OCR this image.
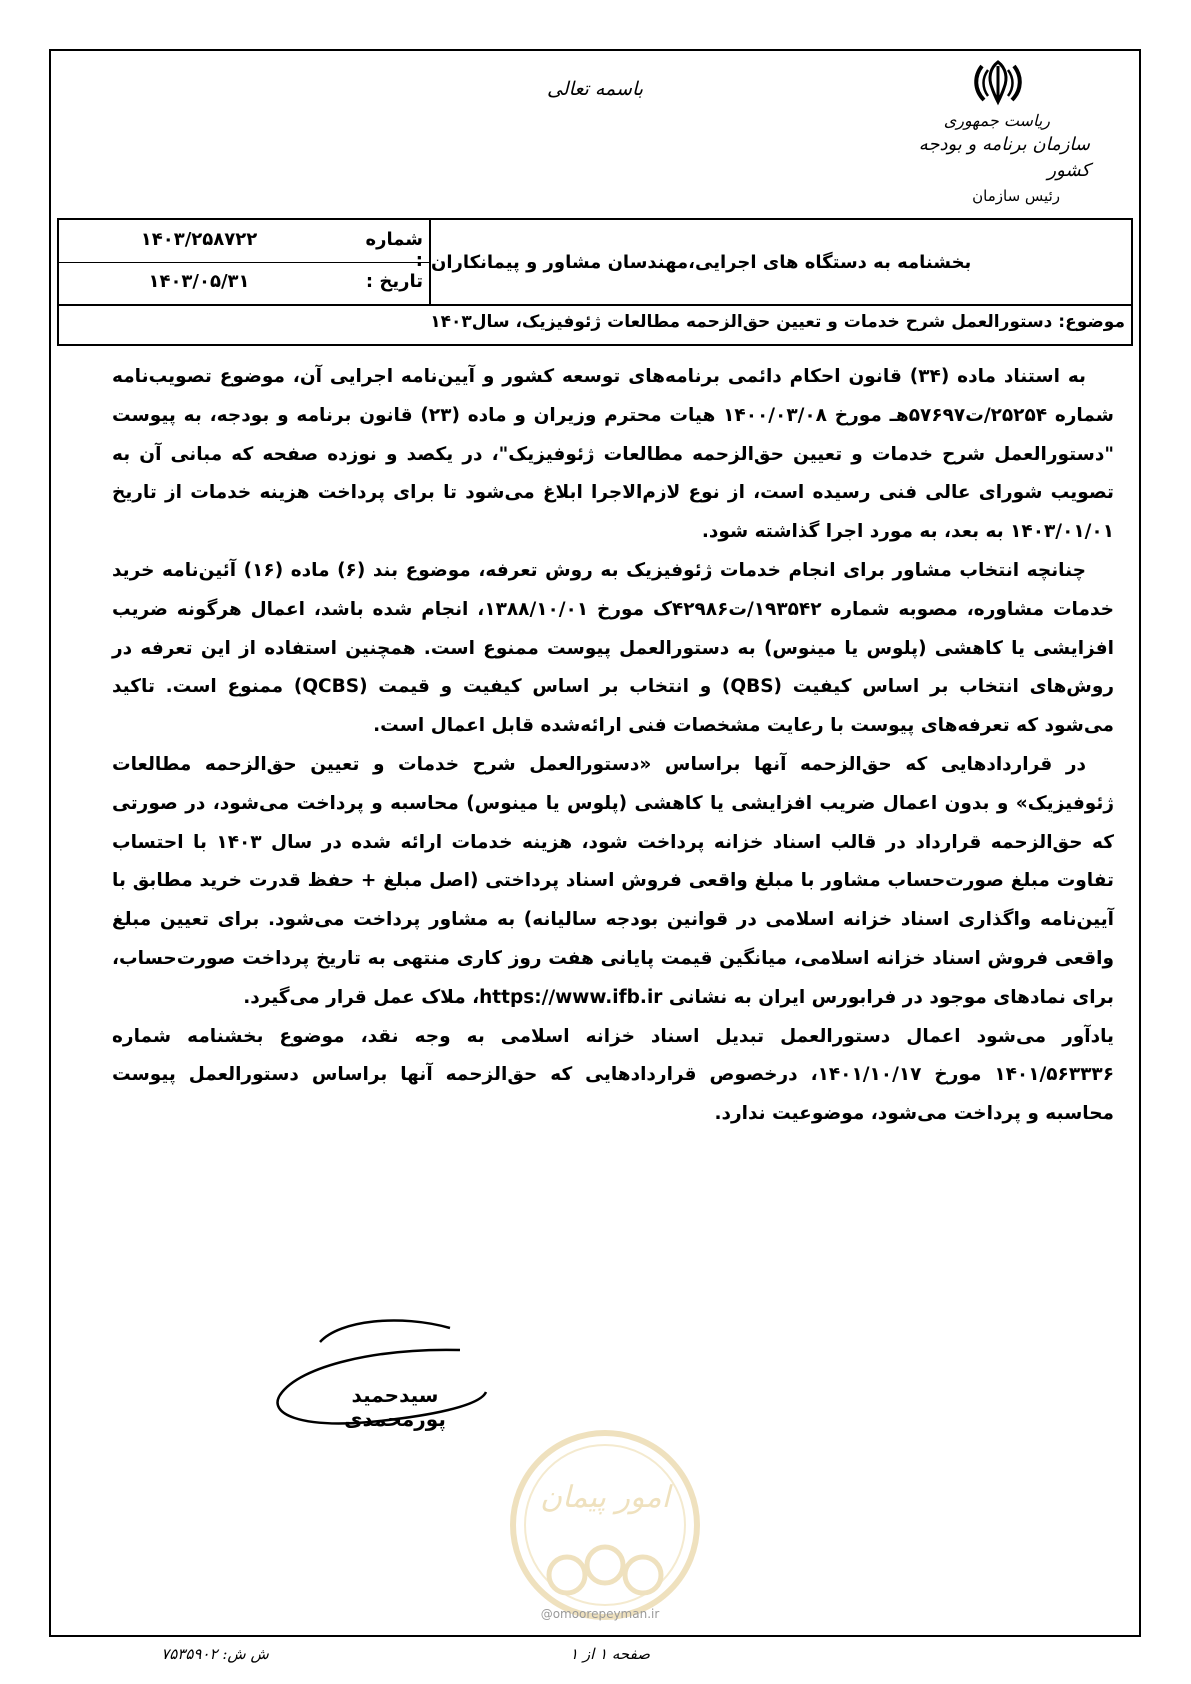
باسمه تعالی
ریاست جمهوری
سازمان برنامه و بودجه کشور
رئیس سازمان
بخشنامه به دستگاه های اجرایی،مهندسان مشاور و پیمانکاران
شماره :
۱۴۰۳/۲۵۸۷۲۲
تاریخ :
۱۴۰۳/۰۵/۳۱
موضوع: دستورالعمل شرح خدمات و تعیین حق‌الزحمه مطالعات ژئوفیزیک، سال۱۴۰۳

به استناد ماده (۳۴) قانون احکام دائمی برنامه‌های توسعه کشور و آیین‌نامه اجرایی آن، موضوع تصویب‌نامه شماره ۲۵۲۵۴/ت۵۷۶۹۷هـ مورخ ۱۴۰۰/۰۳/۰۸ هیات محترم وزیران و ماده (۲۳) قانون برنامه و بودجه، به پیوست "دستورالعمل شرح خدمات و تعیین حق‌الزحمه مطالعات ژئوفیزیک"، در یکصد و نوزده صفحه که مبانی آن به تصویب شورای عالی فنی رسیده است، از نوع لازم‌الاجرا ابلاغ می‌شود تا برای پرداخت هزینه خدمات از تاریخ ۱۴۰۳/۰۱/۰۱ به بعد، به مورد اجرا گذاشته شود.

چنانچه انتخاب مشاور برای انجام خدمات ژئوفیزیک به روش تعرفه، موضوع بند (۶) ماده (۱۶) آئین‌نامه خرید خدمات مشاوره، مصوبه شماره ۱۹۳۵۴۲/ت۴۲۹۸۶ک مورخ ۱۳۸۸/۱۰/۰۱، انجام شده باشد، اعمال هرگونه ضریب افزایشی یا کاهشی (پلوس یا مینوس) به دستورالعمل پیوست ممنوع است. همچنین استفاده از این تعرفه در روش‌های انتخاب بر اساس کیفیت (QBS) و انتخاب بر اساس کیفیت و قیمت (QCBS) ممنوع است. تاکید می‌شود که تعرفه‌های پیوست با رعایت مشخصات فنی ارائه‌شده قابل اعمال است.

در قراردادهایی که حق‌الزحمه آنها براساس «دستورالعمل شرح خدمات و تعیین حق‌الزحمه مطالعات ژئوفیزیک» و بدون اعمال ضریب افزایشی یا کاهشی (پلوس یا مینوس) محاسبه و پرداخت می‌شود، در صورتی که حق‌الزحمه قرارداد در قالب اسناد خزانه پرداخت شود، هزینه خدمات ارائه شده در سال ۱۴۰۳ با احتساب تفاوت مبلغ صورت‌حساب مشاور با مبلغ واقعی فروش اسناد پرداختی (اصل مبلغ + حفظ قدرت خرید مطابق با آیین‌نامه واگذاری اسناد خزانه اسلامی در قوانین بودجه سالیانه) به مشاور پرداخت می‌شود. برای تعیین مبلغ واقعی فروش اسناد خزانه اسلامی، میانگین قیمت پایانی هفت روز کاری منتهی به تاریخ پرداخت صورت‌حساب، برای نمادهای موجود در فرابورس ایران به نشانی https://www.ifb.ir، ملاک عمل قرار می‌گیرد.

یادآور می‌شود اعمال دستورالعمل تبدیل اسناد خزانه اسلامی به وجه نقد، موضوع بخشنامه شماره ۱۴۰۱/۵۶۳۳۳۶ مورخ ۱۴۰۱/۱۰/۱۷، درخصوص قراردادهایی که حق‌الزحمه آنها براساس دستورالعمل پیوست محاسبه و پرداخت می‌شود، موضوعیت ندارد.

سیدحمید پورمحمدی
امور پیمان
@omoorepeyman.ir
صفحه ۱ از ۱
ش ش: ۷۵۳۵۹۰۲
